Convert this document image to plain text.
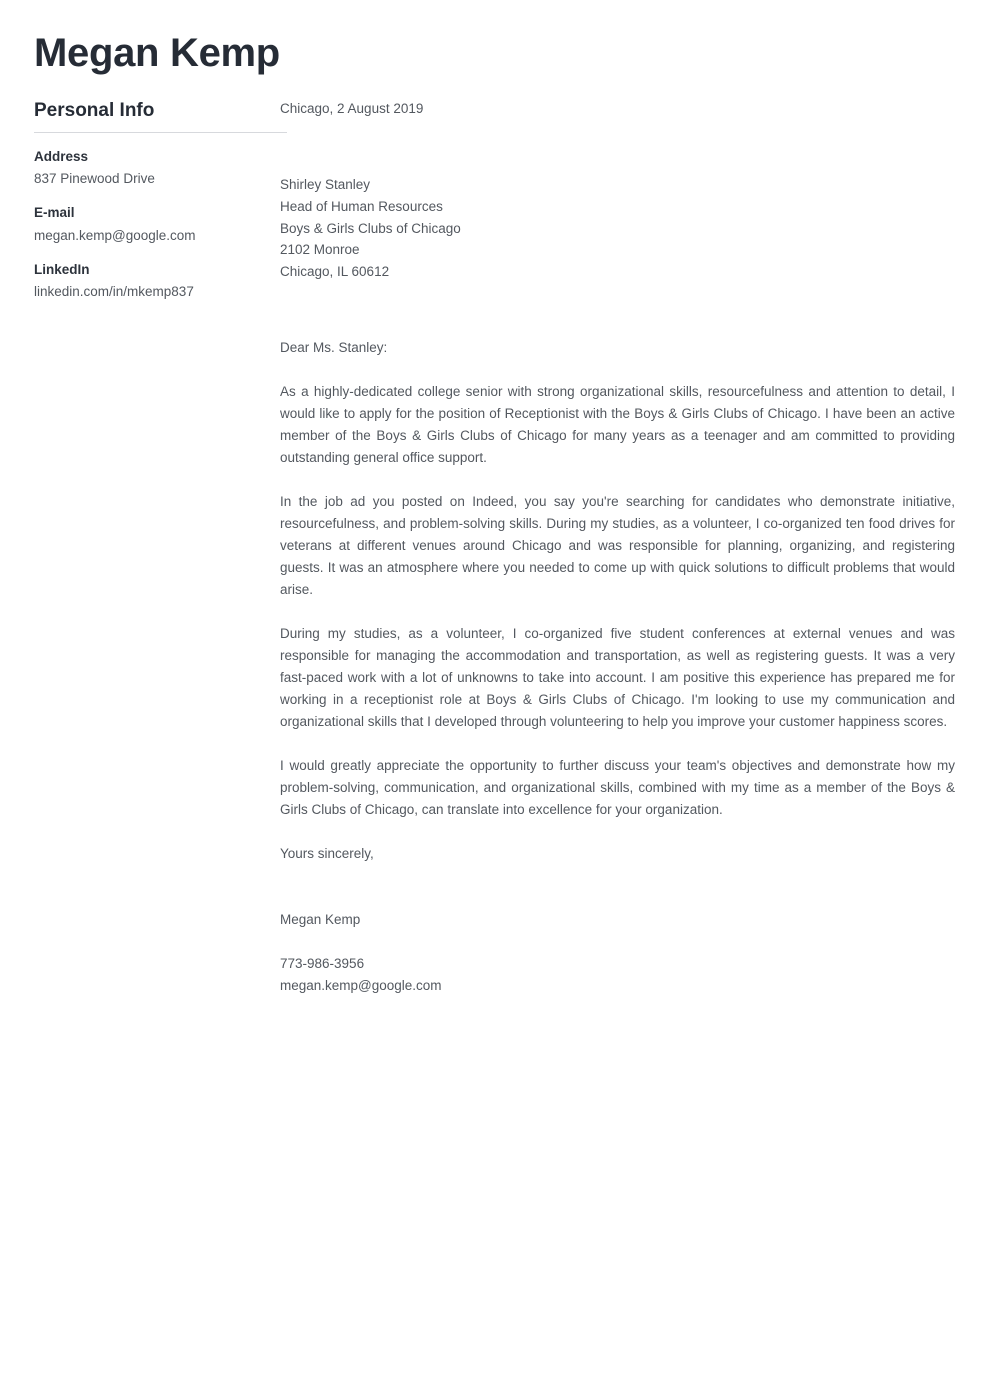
Megan Kemp
Personal Info
Address
837 Pinewood Drive
E-mail
megan.kemp@google.com
LinkedIn
linkedin.com/in/mkemp837
Chicago, 2 August 2019
Shirley Stanley
Head of Human Resources
Boys & Girls Clubs of Chicago
2102 Monroe
Chicago, IL 60612
Dear Ms. Stanley:

As a highly-dedicated college senior with strong organizational skills, resourcefulness and attention to detail, I would like to apply for the position of Receptionist with the Boys & Girls Clubs of Chicago. I have been an active member of the Boys & Girls Clubs of Chicago for many years as a teenager and am committed to providing outstanding general office support.

In the job ad you posted on Indeed, you say you're searching for candidates who demonstrate initiative, resourcefulness, and problem-solving skills. During my studies, as a volunteer, I co-organized ten food drives for veterans at different venues around Chicago and was responsible for planning, organizing, and registering guests. It was an atmosphere where you needed to come up with quick solutions to difficult problems that would arise.

During my studies, as a volunteer, I co-organized five student conferences at external venues and was responsible for managing the accommodation and transportation, as well as registering guests. It was a very fast-paced work with a lot of unknowns to take into account. I am positive this experience has prepared me for working in a receptionist role at Boys & Girls Clubs of Chicago. I'm looking to use my communication and organizational skills that I developed through volunteering to help you improve your customer happiness scores.

I would greatly appreciate the opportunity to further discuss your team's objectives and demonstrate how my problem-solving, communication, and organizational skills, combined with my time as a member of the Boys & Girls Clubs of Chicago, can translate into excellence for your organization.

Yours sincerely,
Megan Kemp
773-986-3956
megan.kemp@google.com
